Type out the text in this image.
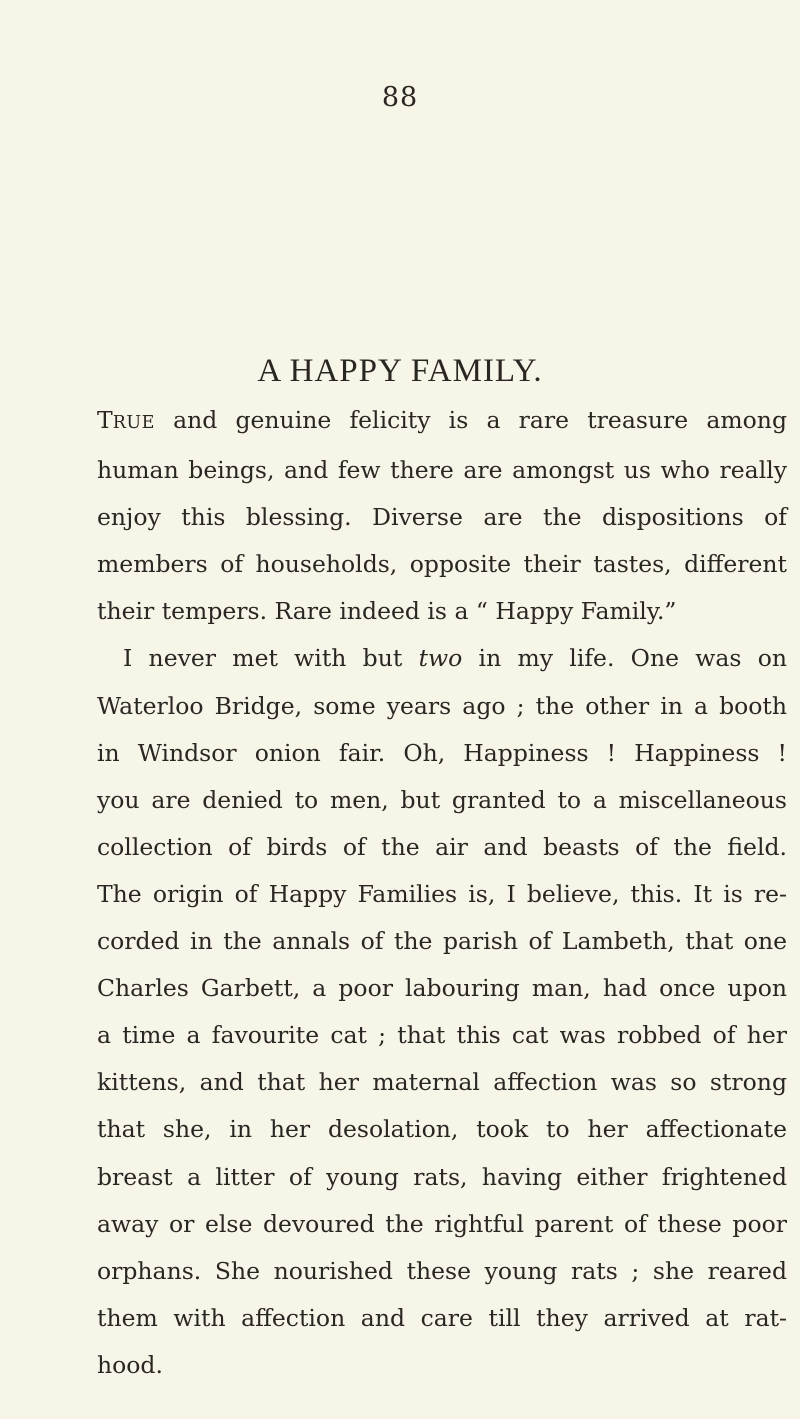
88
A HAPPY FAMILY.
TRUE and genuine felicity is a rare treasure among
human beings, and few there are amongst us who really
enjoy this blessing. Diverse are the dispositions of
members of households, opposite their tastes, different
their tempers. Rare indeed is a “ Happy Family.”
I never met with but two in my life. One was on
Waterloo Bridge, some years ago ; the other in a booth
in Windsor onion fair. Oh, Happiness ! Happiness !
you are denied to men, but granted to a miscellaneous
collection of birds of the air and beasts of the field.
The origin of Happy Families is, I believe, this. It is re-
corded in the annals of the parish of Lambeth, that one
Charles Garbett, a poor labouring man, had once upon
a time a favourite cat ; that this cat was robbed of her
kittens, and that her maternal affection was so strong
that she, in her desolation, took to her affectionate
breast a litter of young rats, having either frightened
away or else devoured the rightful parent of these poor
orphans. She nourished these young rats ; she reared
them with affection and care till they arrived at rat-
hood.
